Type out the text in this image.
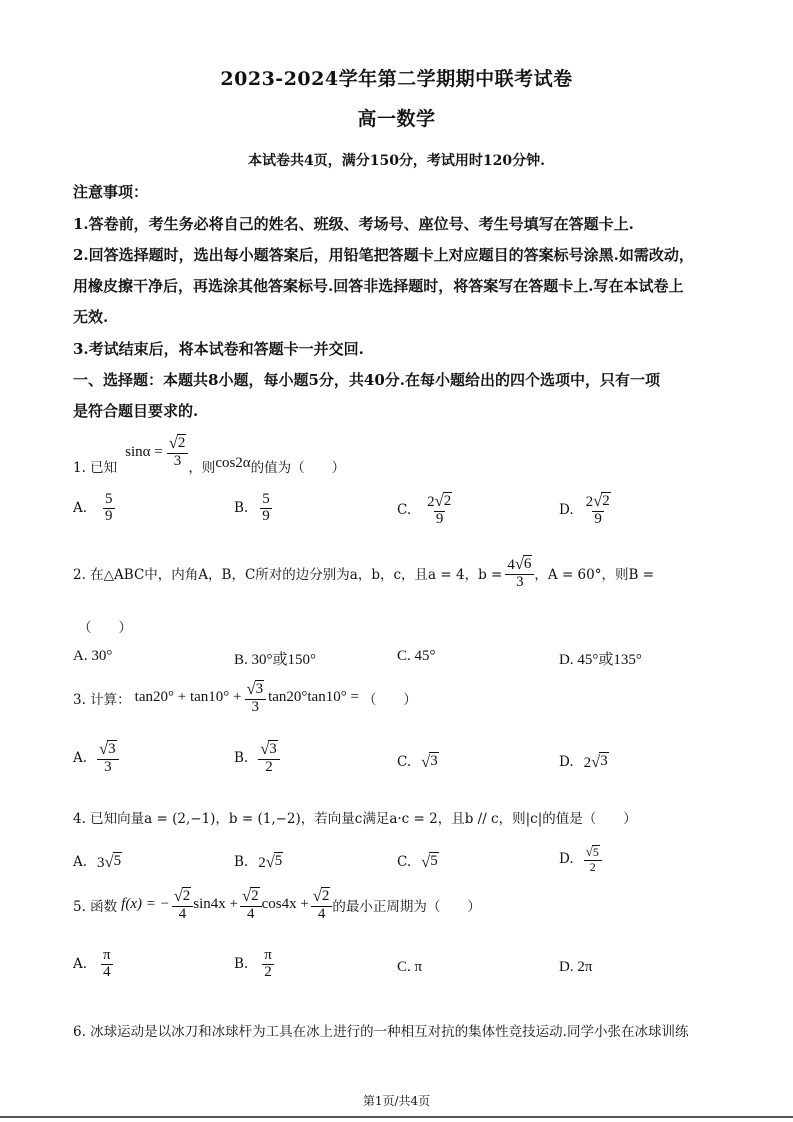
2023-2024学年第二学期期中联考试卷
高一数学
本试卷共4页，满分150分，考试用时120分钟.
注意事项：
1.答卷前，考生务必将自己的姓名、班级、考场号、座位号、考生号填写在答题卡上.
2.回答选择题时，选出每小题答案后，用铅笔把答题卡上对应题目的答案标号涂黑.如需改动，
用橡皮擦干净后，再选涂其他答案标号.回答非选择题时，将答案写在答题卡上.写在本试卷上
无效.
3.考试结束后，将本试卷和答题卡一并交回.
一、选择题：本题共8小题，每小题5分，共40分.在每小题给出的四个选项中，只有一项
是符合题目要求的.
1. 已知
$\sin\alpha = \frac{√ 2}{3}$ ，则 cos2α 的值为（　　）
A. $\frac{5}{9}$	B. $\frac{5}{9}$	C. $\frac{2 √ 2}{9}$	D. $\frac{2 √ 2}{9}$
2. 在△ABC中，内角A，B，C所对的边分别为a，b，c，且a = 4，$b = \frac{4 √ 6}{3}$ ，A = 60°，则B =
（　　）
A. 30°	B. 30°或150°	C. 45°	D. 45°或135°
3. 计算： $\tan 20^\circ + \tan 10^\circ + \frac{√ 3}{3} \tan 20^\circ\tan 10^\circ$ = （　　）
A. $\frac{√ 3}{3}$	B. $\frac{√ 3}{2}$	C. √ 3	D. 2 √ 3
4. 已知向量a = (2,−1)，b = (1,−2)，若向量c满足a·c = 2，且b // c，则|c|的值是（　　）
A. 3 √ 5	B. 2 √ 5	C. √ 5	D. $\frac{√ 5}{2}$
5. 函数 f(x) = − $\frac{√ 2}{4} \sin 4x + \frac{√ 2}{4} \cos 4x + \frac{√ 2}{4}$ 的最小正周期为（　　）
A. $\frac{\pi}{4}$	B. $\frac{\pi}{2}$	C. π	D. 2π
6. 冰球运动是以冰刀和冰球杆为工具在冰上进行的一种相互对抗的集体性竞技运动.同学小张在冰球训练
第1页/共4页
